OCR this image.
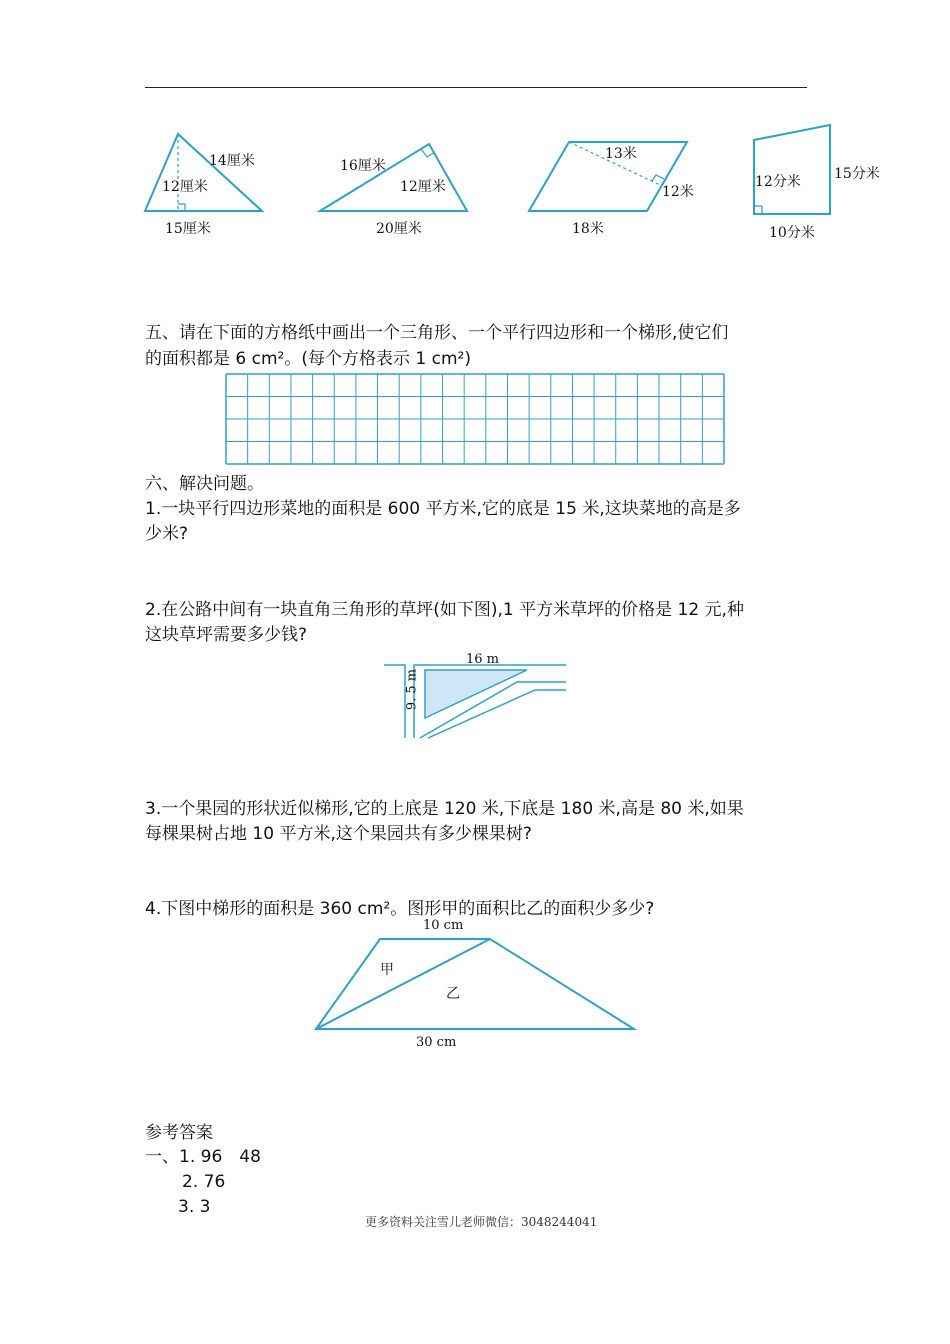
14厘米
12厘米
15厘米
16厘米
12厘米
20厘米
13米
12米
18米
12分米 15分米
10分米
五、请在下面的方格纸中画出一个三角形、一个平行四边形和一个梯形,使它们
的面积都是 6 cm²。(每个方格表示 1 cm²)
六、解决问题。
1.一块平行四边形菜地的面积是 600 平方米,它的底是 15 米,这块菜地的高是多
少米?
2.在公路中间有一块直角三角形的草坪(如下图),1 平方米草坪的价格是 12 元,种
这块草坪需要多少钱?
16 m
9. 5 m
3.一个果园的形状近似梯形,它的上底是 120 米,下底是 180 米,高是 80 米,如果
每棵果树占地 10 平方米,这个果园共有多少棵果树?
4.下图中梯形的面积是 360 cm²。图形甲的面积比乙的面积少多少?
10 cm
甲
乙
30 cm
参考答案
一、1. 96　48
2. 76
3. 3
更多资料关注雪儿老师微信：3048244041
